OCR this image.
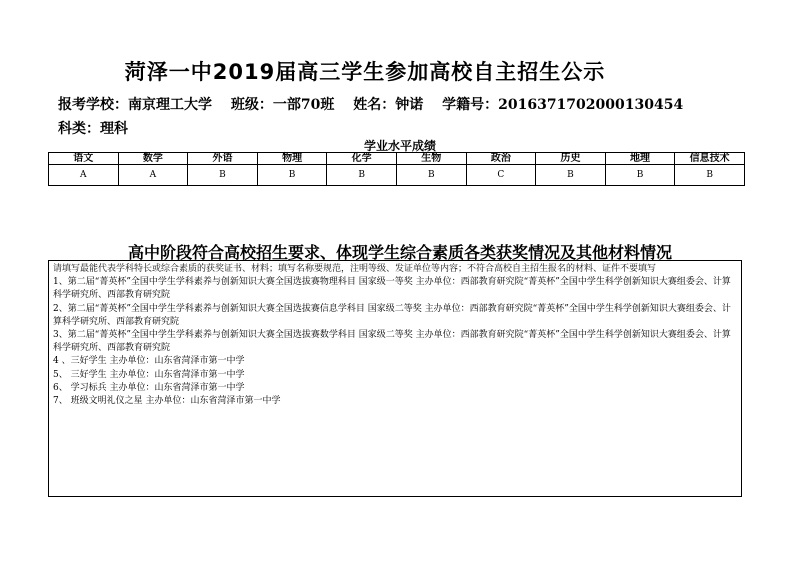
菏泽一中2019届高三学生参加高校自主招生公示
报考学校：南京理工大学 班级：一部70班 姓名：钟诺 学籍号：2016371702000130454
科类：理科
学业水平成绩
语文	数学	外语	物理	化学	生物	政治	历史	地理	信息技术
A	A	B	B	B	B	C	B	B	B
高中阶段符合高校招生要求、体现学生综合素质各类获奖情况及其他材料情况

请填写最能代表学科特长或综合素质的获奖证书、材料；填写名称要规范，注明等级、发证单位等内容；不符合高校自主招生报名的材料、证件不要填写

1、第二届“菁英杯”全国中学生学科素养与创新知识大赛全国选拔赛物理科目 国家级一等奖 主办单位：西部教育研究院“菁英杯”全国中学生科学创新知识大赛组委会、计算科学研究所、西部教育研究院

2、第二届“菁英杯”全国中学生学科素养与创新知识大赛全国选拔赛信息学科目 国家级二等奖 主办单位：西部教育研究院“菁英杯”全国中学生科学创新知识大赛组委会、计算科学研究所、西部教育研究院

3、第二届“菁英杯”全国中学生学科素养与创新知识大赛全国选拔赛数学科目 国家级二等奖 主办单位：西部教育研究院“菁英杯”全国中学生科学创新知识大赛组委会、计算科学研究所、西部教育研究院

4 、三好学生 主办单位：山东省菏泽市第一中学

5、 三好学生 主办单位：山东省菏泽市第一中学

6、 学习标兵 主办单位：山东省菏泽市第一中学

7、 班级文明礼仪之星 主办单位：山东省菏泽市第一中学
